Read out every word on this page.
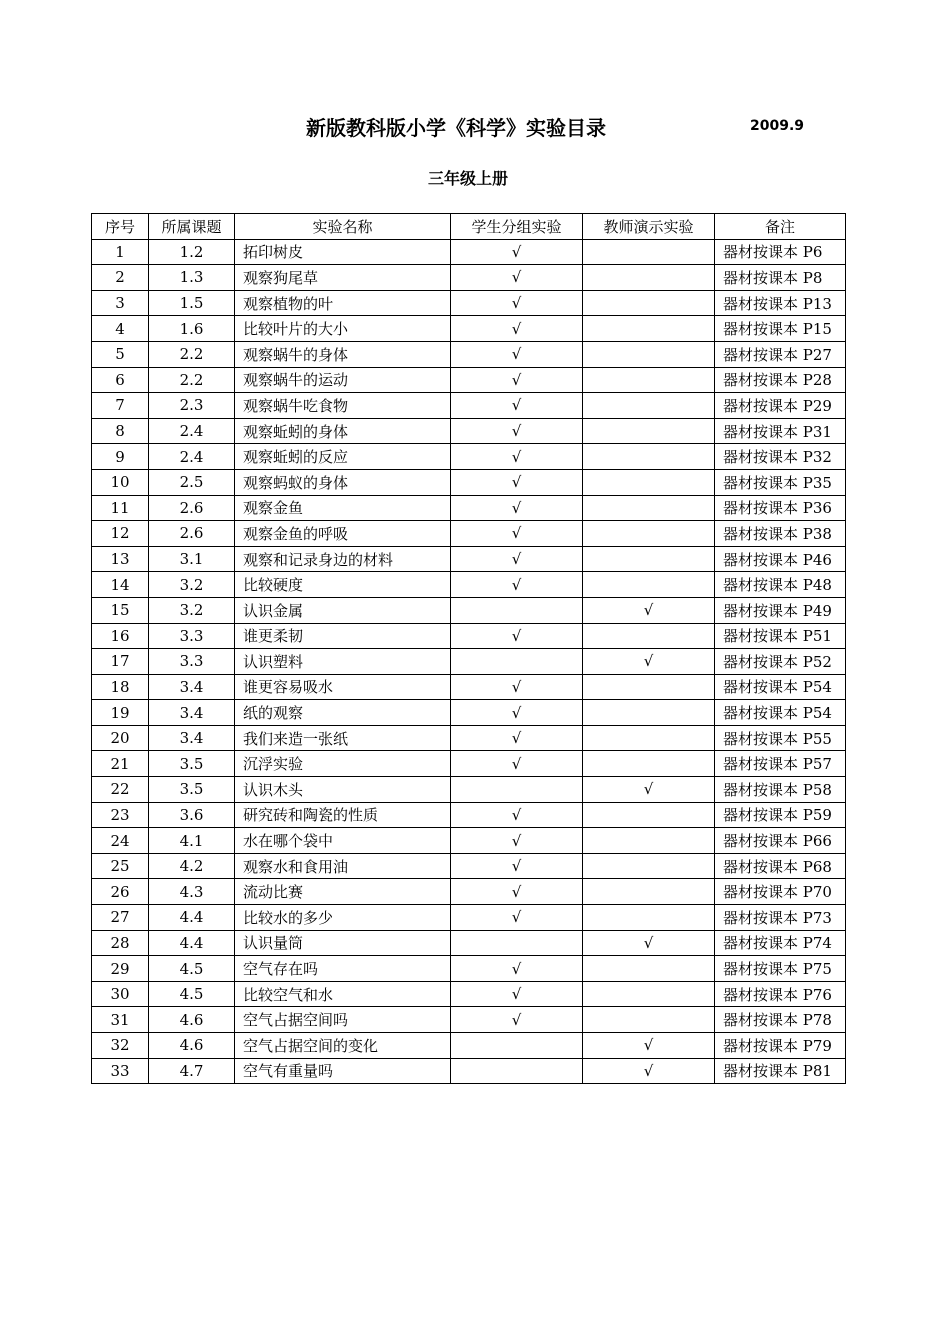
新版教科版小学《科学》实验目录	2009.9
三年级上册
序号	所属课题	实验名称	学生分组实验	教师演示实验	备注
1	1.2	拓印树皮	√		器材按课本 P6
2	1.3	观察狗尾草	√		器材按课本 P8
3	1.5	观察植物的叶	√		器材按课本 P13
4	1.6	比较叶片的大小	√		器材按课本 P15
5	2.2	观察蜗牛的身体	√		器材按课本 P27
6	2.2	观察蜗牛的运动	√		器材按课本 P28
7	2.3	观察蜗牛吃食物	√		器材按课本 P29
8	2.4	观察蚯蚓的身体	√		器材按课本 P31
9	2.4	观察蚯蚓的反应	√		器材按课本 P32
10	2.5	观察蚂蚁的身体	√		器材按课本 P35
11	2.6	观察金鱼	√		器材按课本 P36
12	2.6	观察金鱼的呼吸	√		器材按课本 P38
13	3.1	观察和记录身边的材料	√		器材按课本 P46
14	3.2	比较硬度	√		器材按课本 P48
15	3.2	认识金属		√	器材按课本 P49
16	3.3	谁更柔韧	√		器材按课本 P51
17	3.3	认识塑料		√	器材按课本 P52
18	3.4	谁更容易吸水	√		器材按课本 P54
19	3.4	纸的观察	√		器材按课本 P54
20	3.4	我们来造一张纸	√		器材按课本 P55
21	3.5	沉浮实验	√		器材按课本 P57
22	3.5	认识木头		√	器材按课本 P58
23	3.6	研究砖和陶瓷的性质	√		器材按课本 P59
24	4.1	水在哪个袋中	√		器材按课本 P66
25	4.2	观察水和食用油	√		器材按课本 P68
26	4.3	流动比赛	√		器材按课本 P70
27	4.4	比较水的多少	√		器材按课本 P73
28	4.4	认识量筒		√	器材按课本 P74
29	4.5	空气存在吗	√		器材按课本 P75
30	4.5	比较空气和水	√		器材按课本 P76
31	4.6	空气占据空间吗	√		器材按课本 P78
32	4.6	空气占据空间的变化		√	器材按课本 P79
33	4.7	空气有重量吗		√	器材按课本 P81
